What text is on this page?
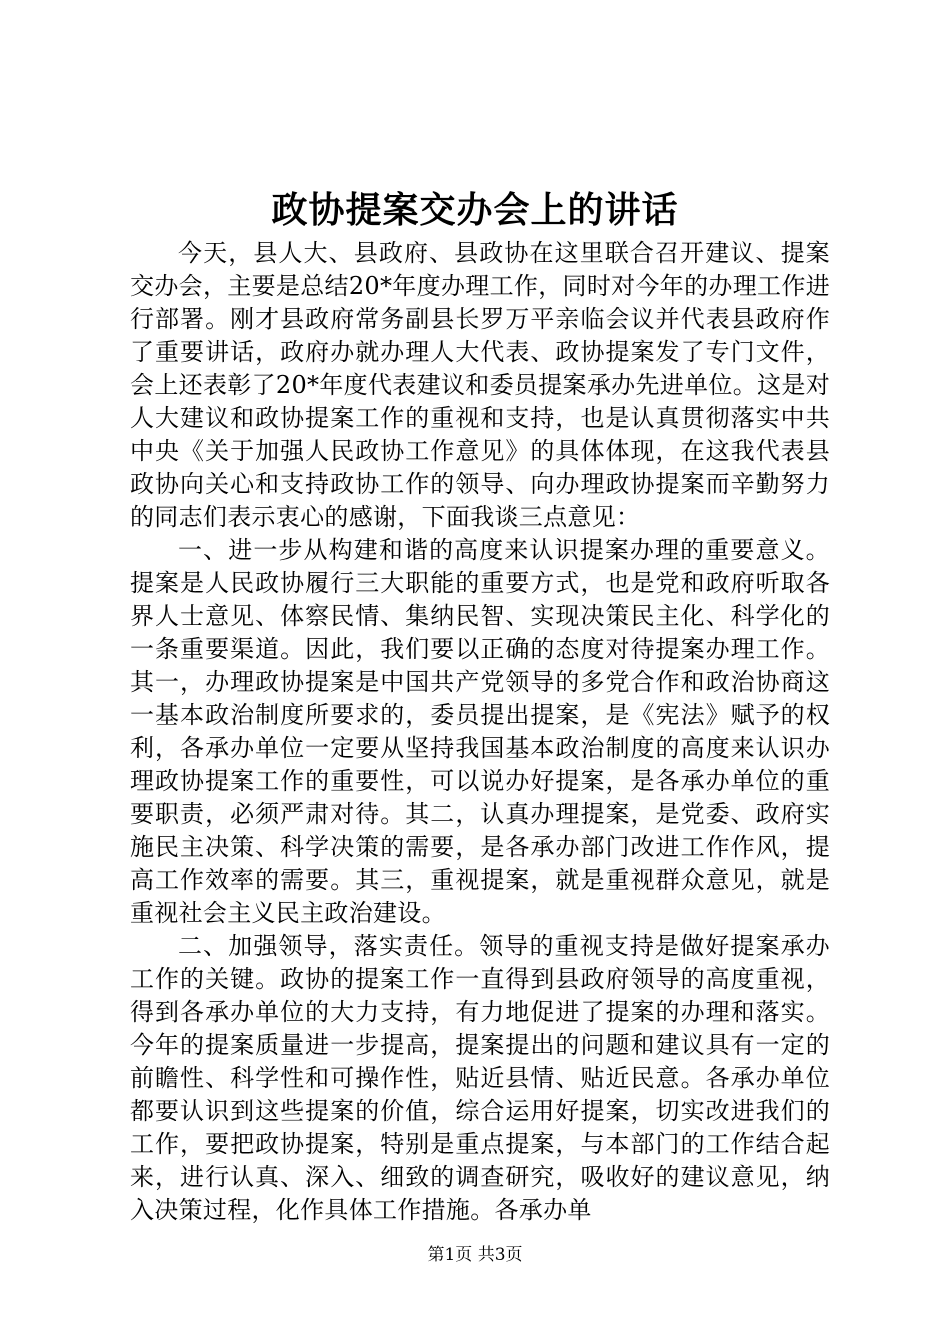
政协提案交办会上的讲话

今天，县人大、县政府、县政协在这里联合召开建议、提案交办会，主要是总结20*年度办理工作，同时对今年的办理工作进行部署。刚才县政府常务副县长罗万平亲临会议并代表县政府作了重要讲话，政府办就办理人大代表、政协提案发了专门文件，会上还表彰了20*年度代表建议和委员提案承办先进单位。这是对人大建议和政协提案工作的重视和支持，也是认真贯彻落实中共中央《关于加强人民政协工作意见》的具体体现，在这我代表县政协向关心和支持政协工作的领导、向办理政协提案而辛勤努力的同志们表示衷心的感谢，下面我谈三点意见：

一、进一步从构建和谐的高度来认识提案办理的重要意义。提案是人民政协履行三大职能的重要方式，也是党和政府听取各界人士意见、体察民情、集纳民智、实现决策民主化、科学化的一条重要渠道。因此，我们要以正确的态度对待提案办理工作。其一，办理政协提案是中国共产党领导的多党合作和政治协商这一基本政治制度所要求的，委员提出提案，是《宪法》赋予的权利，各承办单位一定要从坚持我国基本政治制度的高度来认识办理政协提案工作的重要性，可以说办好提案，是各承办单位的重要职责，必须严肃对待。其二，认真办理提案，是党委、政府实施民主决策、科学决策的需要，是各承办部门改进工作作风，提高工作效率的需要。其三，重视提案，就是重视群众意见，就是重视社会主义民主政治建设。

二、加强领导，落实责任。领导的重视支持是做好提案承办工作的关键。政协的提案工作一直得到县政府领导的高度重视，得到各承办单位的大力支持，有力地促进了提案的办理和落实。今年的提案质量进一步提高，提案提出的问题和建议具有一定的前瞻性、科学性和可操作性，贴近县情、贴近民意。各承办单位都要认识到这些提案的价值，综合运用好提案，切实改进我们的工作，要把政协提案，特别是重点提案，与本部门的工作结合起来，进行认真、深入、细致的调查研究，吸收好的建议意见，纳入决策过程，化作具体工作措施。各承办单

第1页 共3页
